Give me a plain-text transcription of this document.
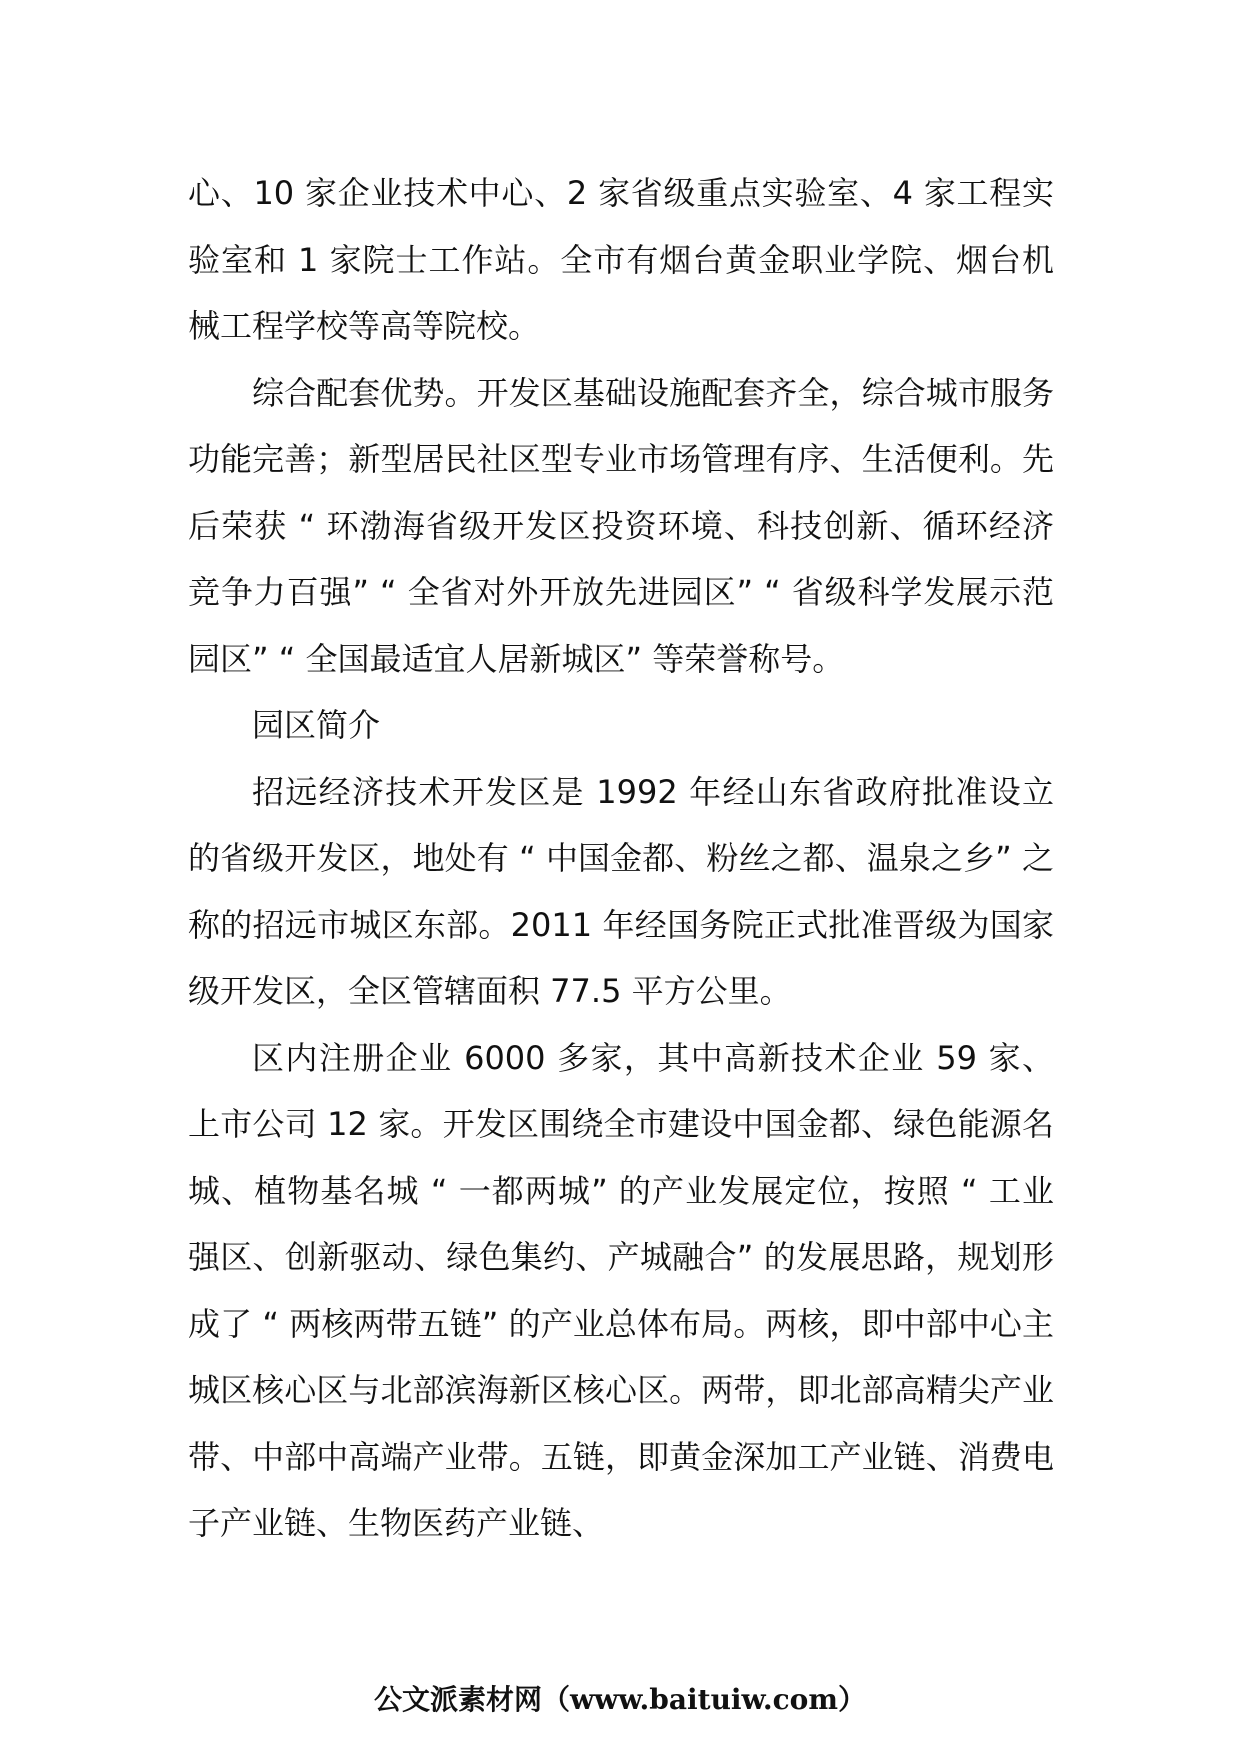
心、10 家企业技术中心、2 家省级重点实验室、4 家工程实验室和 1 家院士工作站。全市有烟台黄金职业学院、烟台机械工程学校等高等院校。

综合配套优势。开发区基础设施配套齐全，综合城市服务功能完善；新型居民社区型专业市场管理有序、生活便利。先后荣获 “ 环渤海省级开发区投资环境、科技创新、循环经济竞争力百强” “ 全省对外开放先进园区” “ 省级科学发展示范园区” “ 全国最适宜人居新城区” 等荣誉称号。

园区简介

招远经济技术开发区是 1992 年经山东省政府批准设立的省级开发区，地处有 “ 中国金都、粉丝之都、温泉之乡” 之称的招远市城区东部。2011 年经国务院正式批准晋级为国家级开发区，全区管辖面积 77.5 平方公里。

区内注册企业 6000 多家，其中高新技术企业 59 家、上市公司 12 家。开发区围绕全市建设中国金都、绿色能源名城、植物基名城 “ 一都两城” 的产业发展定位，按照 “ 工业强区、创新驱动、绿色集约、产城融合” 的发展思路，规划形成了 “ 两核两带五链” 的产业总体布局。两核，即中部中心主城区核心区与北部滨海新区核心区。两带，即北部高精尖产业带、中部中高端产业带。五链，即黄金深加工产业链、消费电子产业链、生物医药产业链、

公文派素材网（www.baituiw.com）
